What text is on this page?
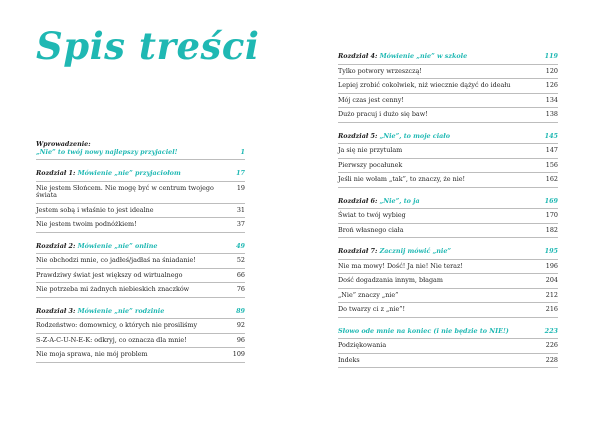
Spis treści
Wprowadzenie:
„Nie” to twój nowy najlepszy przyjaciel!	1
Rozdział 1: Mówienie „nie” przyjaciołom	17
Nie jestem Słońcem. Nie mogę być w centrum twojego świata
19
Jestem sobą i właśnie to jest idealne	31
Nie jestem twoim podnóżkiem!	37
Rozdział 2: Mówienie „nie” online	49
Nie obchodzi mnie, co jadłeś/jadłaś na śniadanie!	52
Prawdziwy świat jest większy od wirtualnego	66
Nie potrzeba mi żadnych niebieskich znaczków	76
Rozdział 3: Mówienie „nie” rodzinie	89
Rodzeństwo: domownicy, o których nie prosiliśmy	92
S-Z-A-C-U-N-E-K: odkryj, co oznacza dla mnie!	96
Nie moja sprawa, nie mój problem	109
Rozdział 4: Mówienie „nie” w szkole	119
Tylko potwory wrzeszczą!	120
Lepiej zrobić cokolwiek, niż wiecznie dążyć do ideału	126
Mój czas jest cenny!	134
Dużo pracuj i dużo się baw!	138
Rozdział 5: „Nie”, to moje ciało	145
Ja się nie przytulam	147
Pierwszy pocałunek	156
Jeśli nie wołam „tak”, to znaczy, że nie!	162
Rozdział 6: „Nie”, to ja	169
Świat to twój wybieg	170
Broń własnego ciała	182
Rozdział 7: Zacznij mówić „nie”	195
Nie ma mowy! Dość! Ja nie! Nie teraz!	196
Dość dogadzania innym, błagam	204
„Nie” znaczy „nie”	212
Do twarzy ci z „nie”!	216
Słowo ode mnie na koniec (i nie będzie to NIE!)	223
Podziękowania	226
Indeks	228
